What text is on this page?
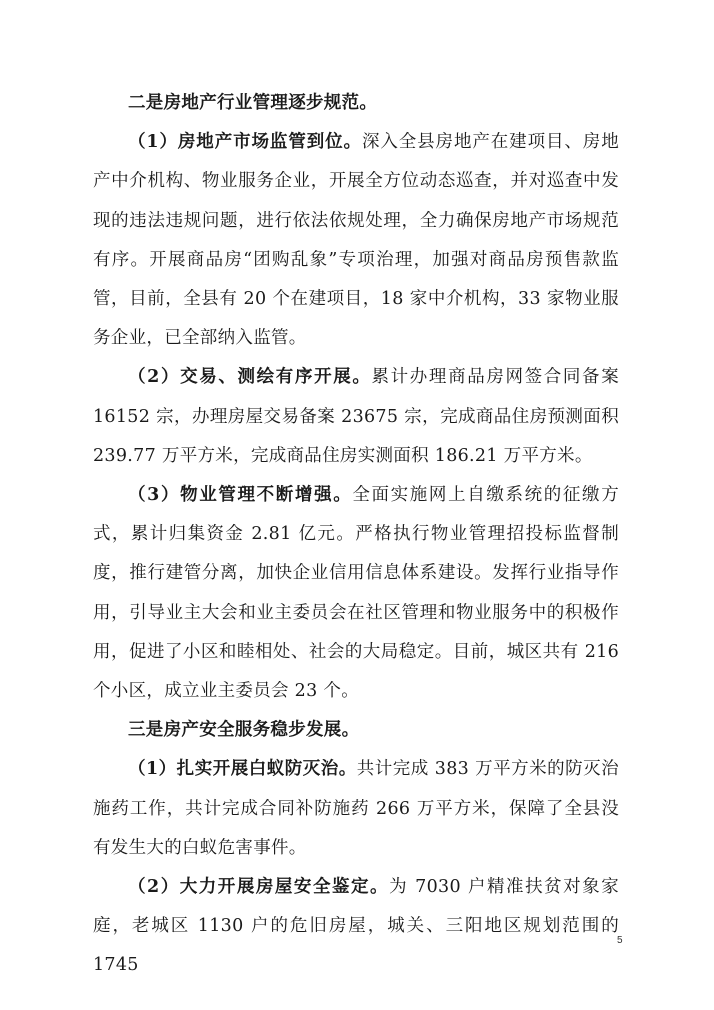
二是房地产行业管理逐步规范。

（1）房地产市场监管到位。深入全县房地产在建项目、房地产中介机构、物业服务企业，开展全方位动态巡查，并对巡查中发现的违法违规问题，进行依法依规处理，全力确保房地产市场规范有序。开展商品房“团购乱象”专项治理，加强对商品房预售款监管，目前，全县有 20 个在建项目，18 家中介机构，33 家物业服务企业，已全部纳入监管。

（2）交易、测绘有序开展。累计办理商品房网签合同备案 16152 宗，办理房屋交易备案 23675 宗，完成商品住房预测面积 239.77 万平方米，完成商品住房实测面积 186.21 万平方米。

（3）物业管理不断增强。全面实施网上自缴系统的征缴方式，累计归集资金 2.81 亿元。严格执行物业管理招投标监督制度，推行建管分离，加快企业信用信息体系建设。发挥行业指导作用，引导业主大会和业主委员会在社区管理和物业服务中的积极作用，促进了小区和睦相处、社会的大局稳定。目前，城区共有 216 个小区，成立业主委员会 23 个。

三是房产安全服务稳步发展。

（1）扎实开展白蚁防灭治。共计完成 383 万平方米的防灭治施药工作，共计完成合同补防施药 266 万平方米，保障了全县没有发生大的白蚁危害事件。

（2）大力开展房屋安全鉴定。为 7030 户精准扶贫对象家庭，老城区 1130 户的危旧房屋，城关、三阳地区规划范围的 1745

5
